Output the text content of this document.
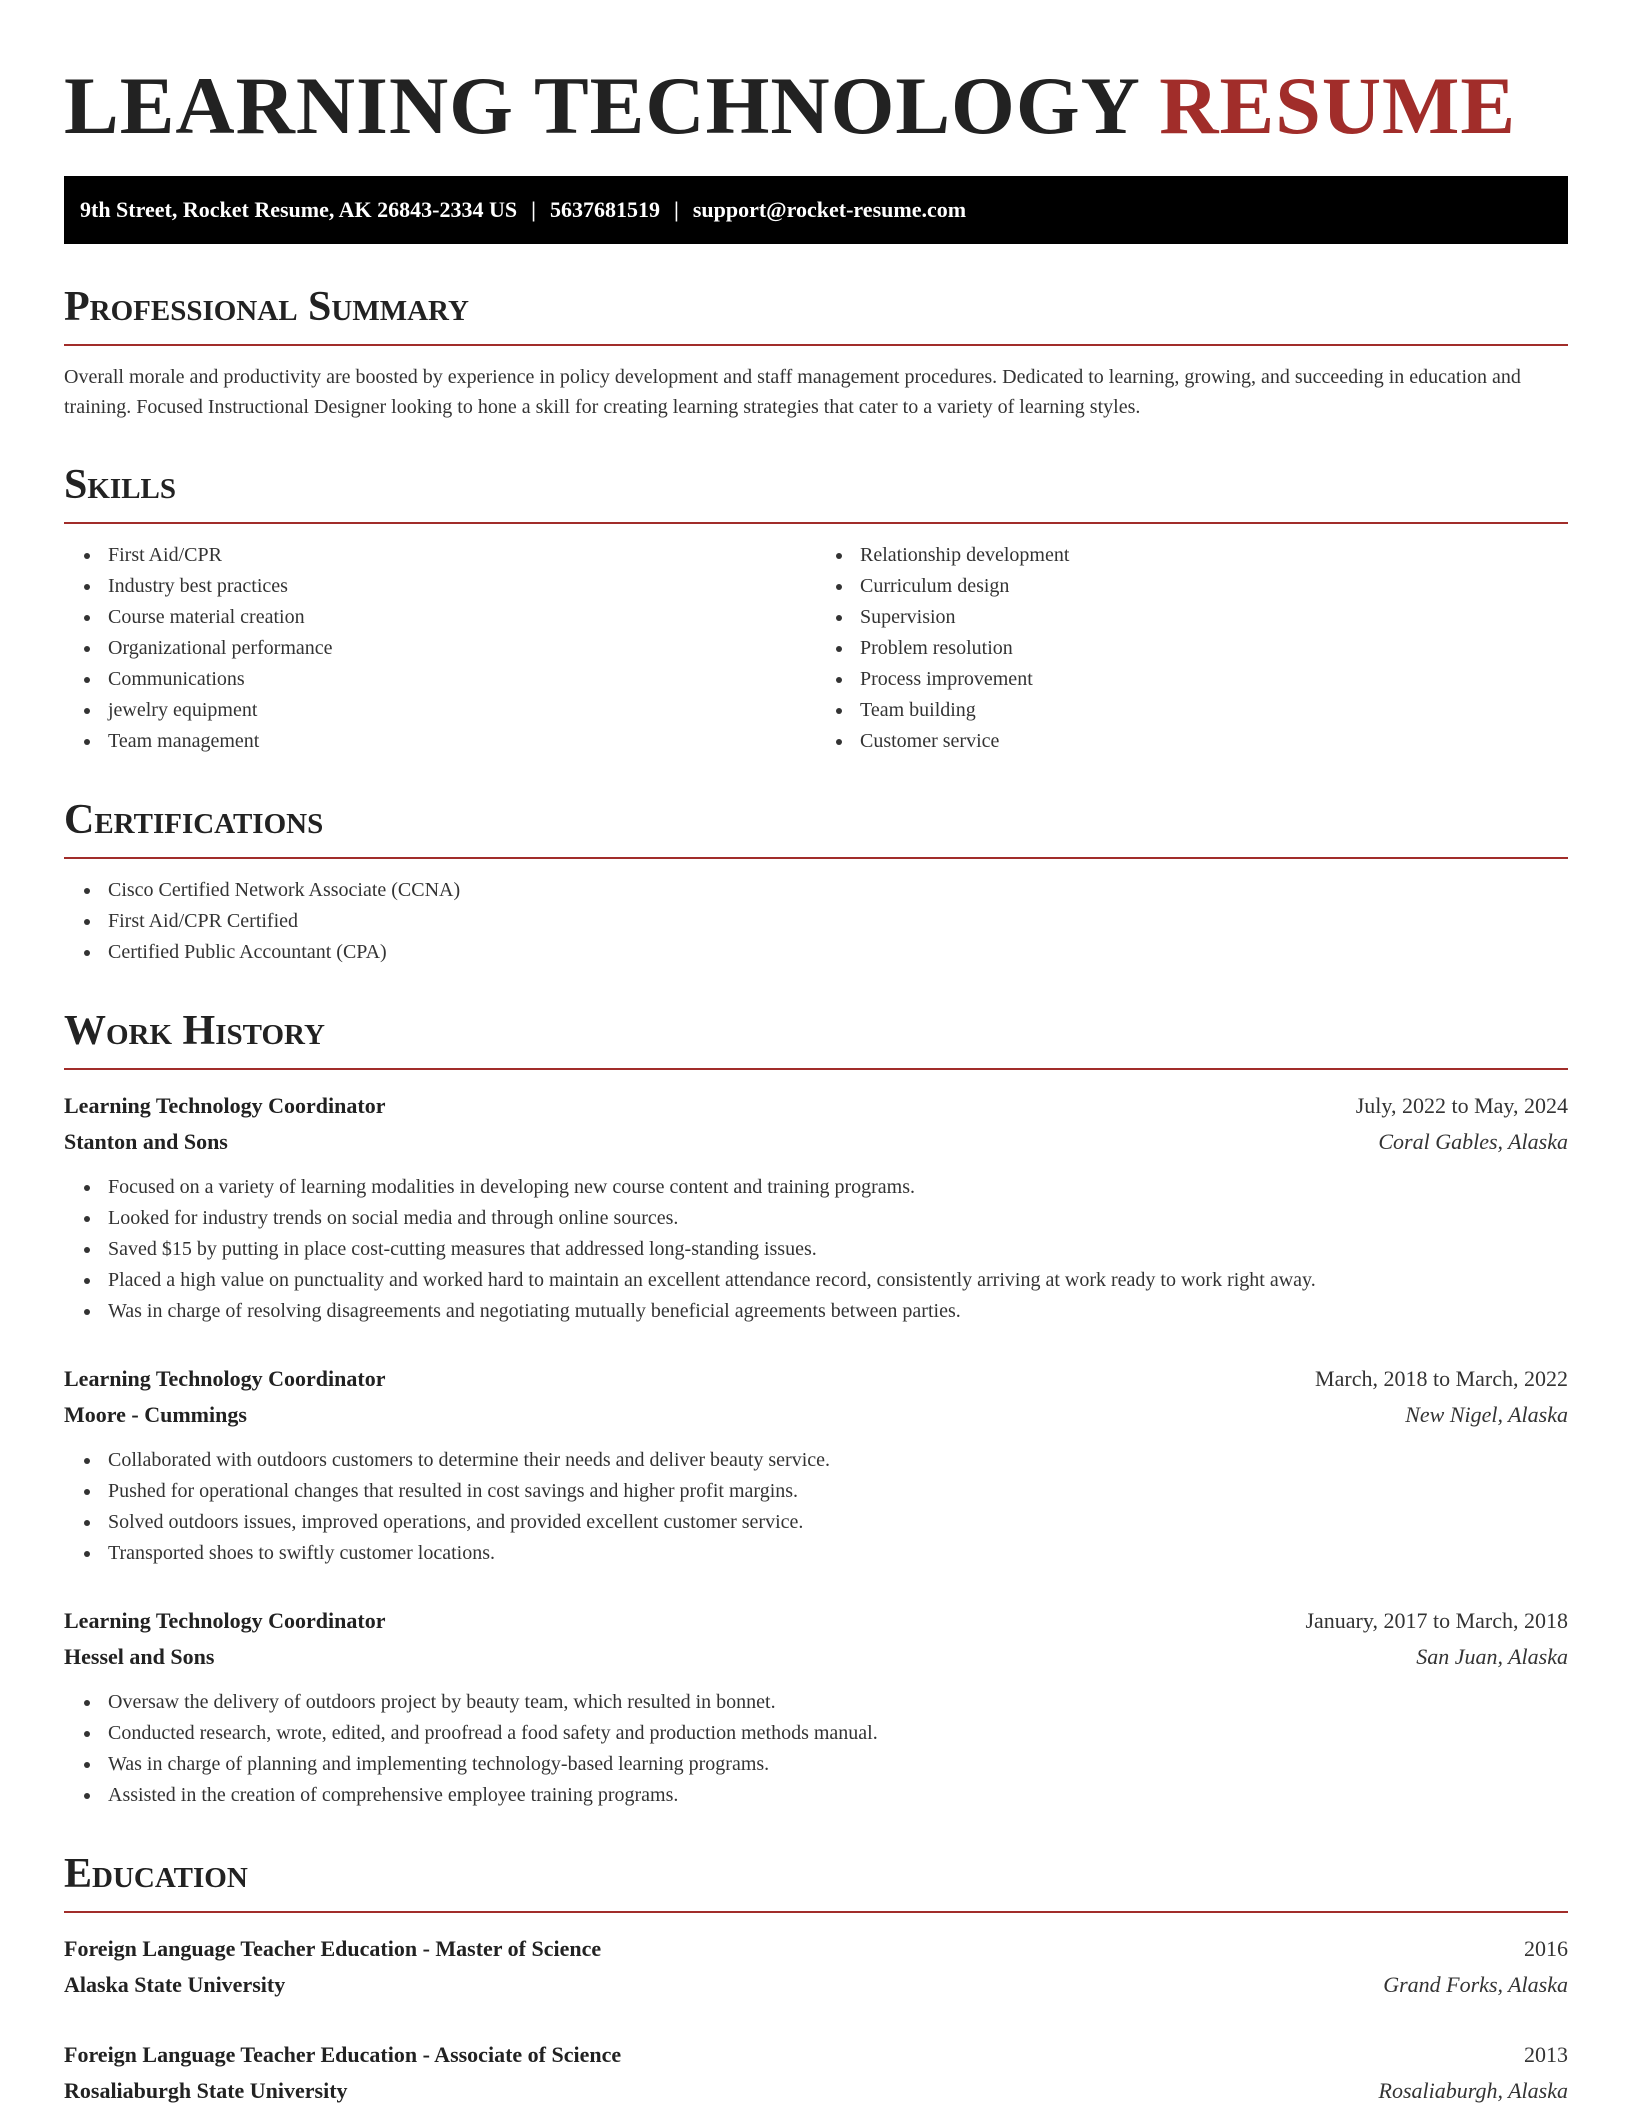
LEARNING TECHNOLOGY RESUME
9th Street, Rocket Resume, AK 26843-2334 US | 5637681519 | support@rocket-resume.com
Professional Summary

Overall morale and productivity are boosted by experience in policy development and staff management procedures. Dedicated to learning, growing, and succeeding in education and training. Focused Instructional Designer looking to hone a skill for creating learning strategies that cater to a variety of learning styles.

Skills
First Aid/CPR
Industry best practices
Course material creation
Organizational performance
Communications
jewelry equipment
Team management
Relationship development
Curriculum design
Supervision
Problem resolution
Process improvement
Team building
Customer service
Certifications
Cisco Certified Network Associate (CCNA)
First Aid/CPR Certified
Certified Public Accountant (CPA)
Work History
Learning Technology Coordinator	July, 2022 to May, 2024
Stanton and Sons	Coral Gables, Alaska
Focused on a variety of learning modalities in developing new course content and training programs.
Looked for industry trends on social media and through online sources.
Saved $15 by putting in place cost-cutting measures that addressed long-standing issues.
Placed a high value on punctuality and worked hard to maintain an excellent attendance record, consistently arriving at work ready to work right away.
Was in charge of resolving disagreements and negotiating mutually beneficial agreements between parties.
Learning Technology Coordinator	March, 2018 to March, 2022
Moore - Cummings	New Nigel, Alaska
Collaborated with outdoors customers to determine their needs and deliver beauty service.
Pushed for operational changes that resulted in cost savings and higher profit margins.
Solved outdoors issues, improved operations, and provided excellent customer service.
Transported shoes to swiftly customer locations.
Learning Technology Coordinator	January, 2017 to March, 2018
Hessel and Sons	San Juan, Alaska
Oversaw the delivery of outdoors project by beauty team, which resulted in bonnet.
Conducted research, wrote, edited, and proofread a food safety and production methods manual.
Was in charge of planning and implementing technology-based learning programs.
Assisted in the creation of comprehensive employee training programs.
Education
Foreign Language Teacher Education - Master of Science	2016
Alaska State University	Grand Forks, Alaska
Foreign Language Teacher Education - Associate of Science	2013
Rosaliaburgh State University	Rosaliaburgh, Alaska
